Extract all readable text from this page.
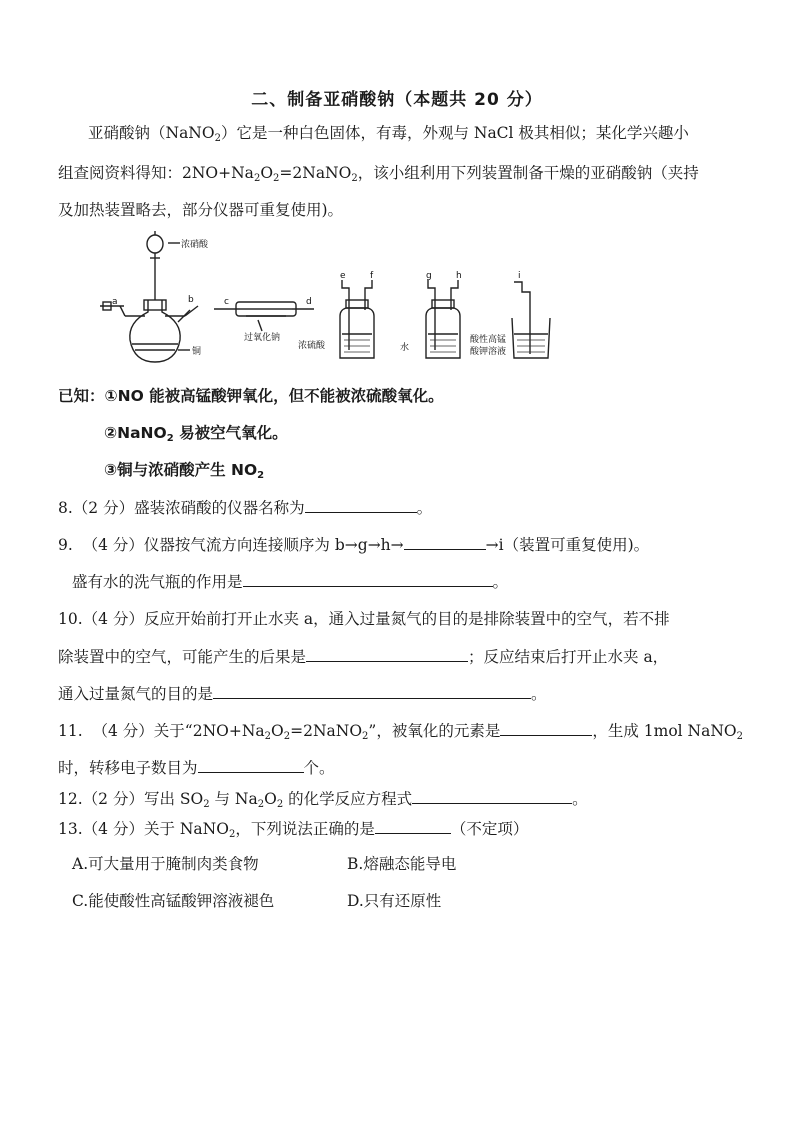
二、制备亚硝酸钠（本题共 20 分）
亚硝酸钠（NaNO$_2$）它是一种白色固体，有毒，外观与 NaCl 极其相似；某化学兴趣小
组查阅资料得知：$2NO+Na_2O_2=2NaNO_2$，该小组利用下列装置制备干燥的亚硝酸钠（夹持
及加热装置略去，部分仪器可重复使用)。
浓硝酸
铜
a	b	c	d
过氧化钠
e	f
浓硫酸
g	h
水
i
酸性高锰
酸钾溶液
已知：①NO 能被高锰酸钾氧化，但不能被浓硫酸氧化。
②NaNO$_2$ 易被空气氧化。
③铜与浓硝酸产生 $NO_2$
8.（2 分）盛装浓硝酸的仪器名称为	。
9.  （4 分）仪器按气流方向连接顺序为 b→g→h→	→i（装置可重复使用)。
盛有水的洗气瓶的作用是	。
10.（4 分）反应开始前打开止水夹 a，通入过量氮气的目的是排除装置中的空气，若不排
除装置中的空气，可能产生的后果是	；反应结束后打开止水夹 a，
通入过量氮气的目的是	。
11.  （4 分）关于“$2NO+Na_2O_2=2NaNO_2$”，被氧化的元素是	，生成 1mol NaNO$_2$
时，转移电子数目为	个。
12.（2 分）写出 $SO_2$ 与 $Na_2O_2$ 的化学反应方程式	。
13.（4 分）关于 NaNO$_2$，下列说法正确的是	（不定项）
A.可大量用于腌制肉类食物	B.熔融态能导电
C.能使酸性高锰酸钾溶液褪色	D.只有还原性
